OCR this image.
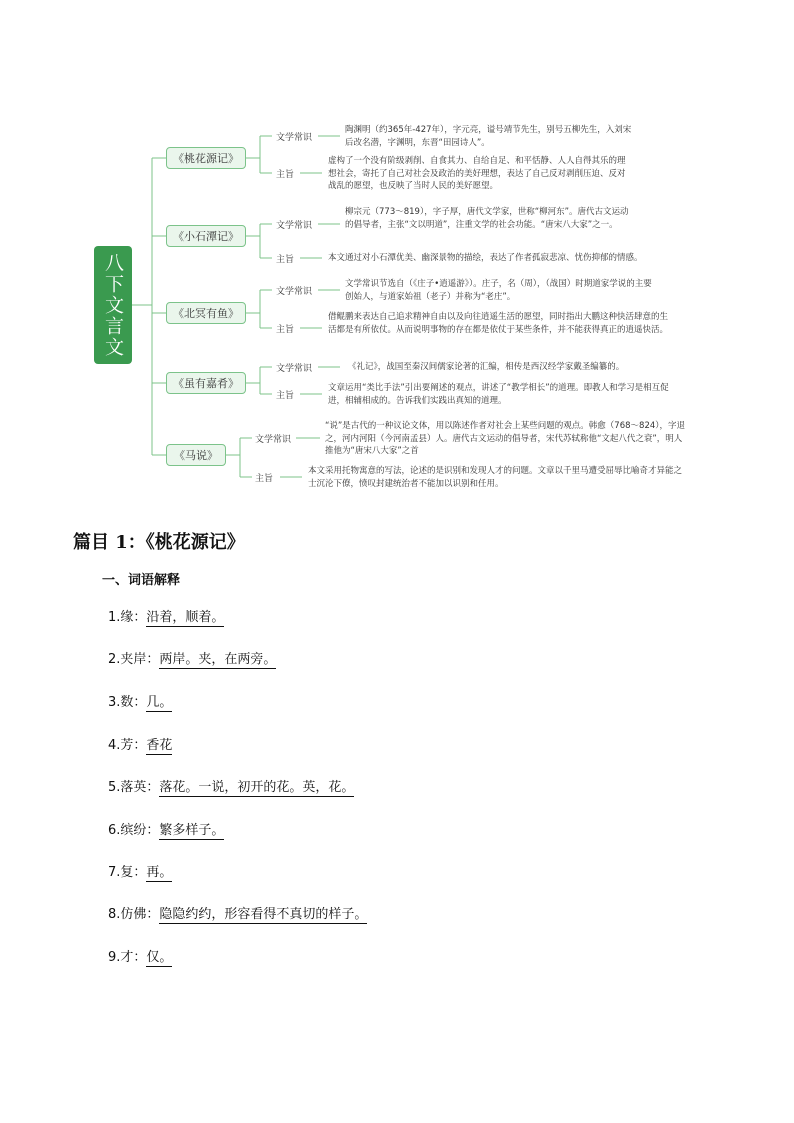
八下文言文
《桃花源记》
文学常识
陶渊明（约365年-427年），字元亮，谥号靖节先生，别号五柳先生，入刘宋后改名潜，字渊明，东晋“田园诗人”。
主旨
虚构了一个没有阶级剥削、自食其力、自给自足、和平恬静、人人自得其乐的理想社会，寄托了自己对社会及政治的美好理想，表达了自己反对剥削压迫、反对战乱的愿望，也反映了当时人民的美好愿望。
《小石潭记》
文学常识
柳宗元（773～819），字子厚，唐代文学家，世称“柳河东”。唐代古文运动的倡导者，主张“文以明道”，注重文学的社会功能。“唐宋八大家”之一。
主旨	本文通过对小石潭优美、幽深景物的描绘，表达了作者孤寂悲凉、忧伤抑郁的情感。
《北冥有鱼》
文学常识
文学常识节选自（《庄子•逍遥游》）。庄子，名（周），（战国）时期道家学说的主要创始人，与道家始祖（老子）并称为“老庄”。
主旨
借鲲鹏来表达自己追求精神自由以及向往逍遥生活的愿望，同时指出大鹏这种快活肆意的生活都是有所依仗。从而说明事物的存在都是依仗于某些条件，并不能获得真正的逍遥快活。
《虽有嘉肴》
文学常识	《礼记》，战国至秦汉间儒家论著的汇编，相传是西汉经学家戴圣编纂的。
主旨
文章运用“类比手法”引出要阐述的观点，讲述了“教学相长”的道理。即教人和学习是相互促进，相辅相成的。告诉我们实践出真知的道理。
《马说》
文学常识
“说”是古代的一种议论文体，用以陈述作者对社会上某些问题的观点。韩愈（768～824），字退之，河内河阳（今河南孟县）人。唐代古文运动的倡导者，宋代苏轼称他“文起八代之衰”，明人推他为“唐宋八大家”之首
主旨
本文采用托物寓意的写法，论述的是识别和发现人才的问题。文章以千里马遭受屈辱比喻奇才异能之士沉沦下僚，愤叹封建统治者不能加以识别和任用。
篇目 1：《桃花源记》
一、词语解释
1.缘：沿着，顺着。
2.夹岸：两岸。夹，在两旁。
3.数：几。
4.芳：香花
5.落英：落花。一说，初开的花。英，花。
6.缤纷：繁多样子。
7.复：再。
8.仿佛：隐隐约约，形容看得不真切的样子。
9.才：仅。
